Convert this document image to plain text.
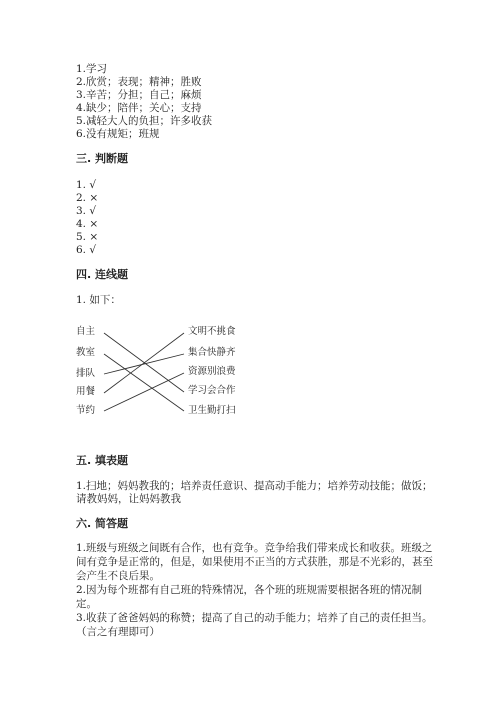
1.学习
2.欣赏；表现；精神；胜败
3.辛苦；分担；自己；麻烦
4.缺少；陪伴；关心；支持
5.减轻大人的负担；许多收获
6.没有规矩；班规
三. 判断题
1. √
2. ×
3. √
4. ×
5. ×
6. √
四. 连线题
1. 如下：
自主
教室
排队
用餐
节约
文明不挑食
集合快静齐
资源别浪费
学习会合作
卫生勤打扫
五. 填表题
1.扫地；妈妈教我的；培养责任意识、提高动手能力；培养劳动技能；做饭；
请教妈妈，让妈妈教我
六. 简答题
1.班级与班级之间既有合作，也有竞争。竞争给我们带来成长和收获。班级之
间有竞争是正常的，但是，如果使用不正当的方式获胜，那是不光彩的，甚至
会产生不良后果。
2.因为每个班都有自己班的特殊情况，各个班的班规需要根据各班的情况制
定。
3.收获了爸爸妈妈的称赞；提高了自己的动手能力；培养了自己的责任担当。
（言之有理即可）
